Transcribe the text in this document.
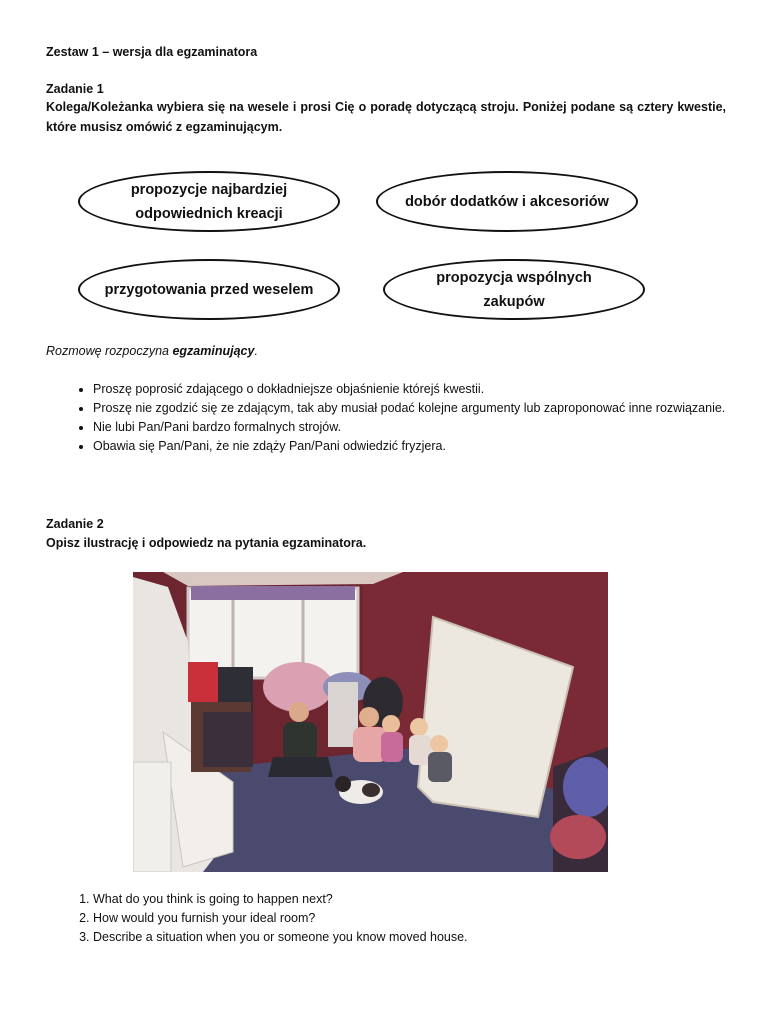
Zestaw 1 – wersja dla egzaminatora
Zadanie 1
Kolega/Koleżanka wybiera się na wesele i prosi Cię o poradę dotyczącą stroju. Poniżej podane są cztery kwestie, które musisz omówić z egzaminującym.
propozycje najbardziej odpowiednich kreacji
dobór dodatków i akcesoriów
przygotowania przed weselem
propozycja wspólnych zakupów
Rozmowę rozpoczyna egzaminujący.
• Proszę poprosić zdającego o dokładniejsze objaśnienie którejś kwestii.
• Proszę nie zgodzić się ze zdającym, tak aby musiał podać kolejne argumenty lub zaproponować inne rozwiązanie.
• Nie lubi Pan/Pani bardzo formalnych strojów.
• Obawia się Pan/Pani, że nie zdąży Pan/Pani odwiedzić fryzjera.
Zadanie 2
Opisz ilustrację i odpowiedz na pytania egzaminatora.
1. What do you think is going to happen next?
2. How would you furnish your ideal room?
3. Describe a situation when you or someone you know moved house.
